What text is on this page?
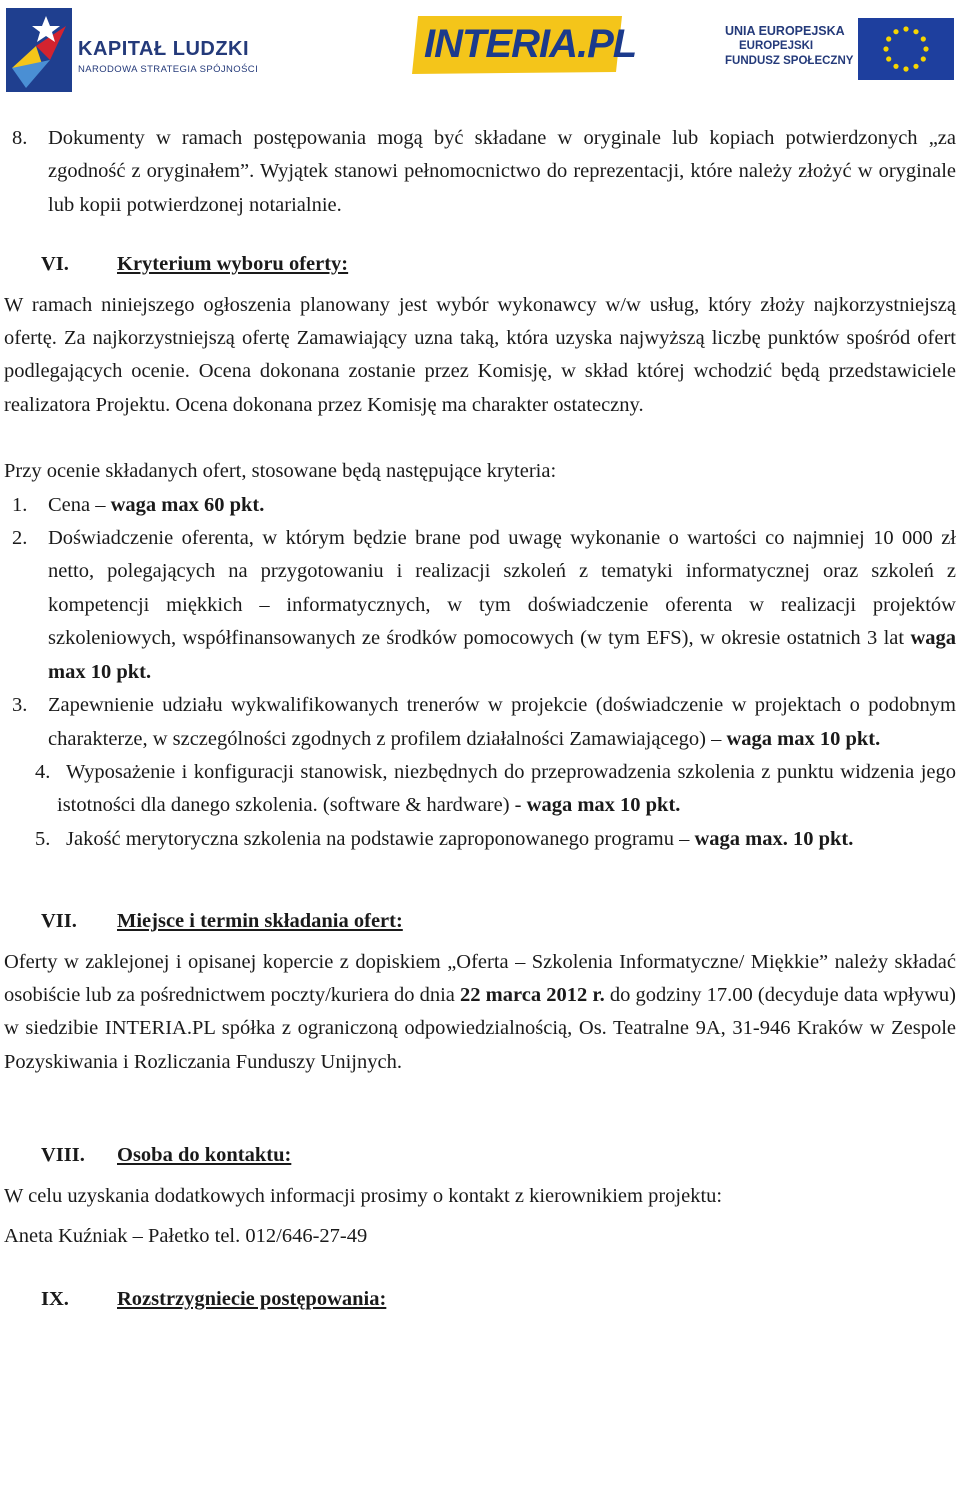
KAPITAŁ LUDZKI
NARODOWA STRATEGIA SPÓJNOŚCI
INTERIA.PL	UNIA EUROPEJSKA
EUROPEJSKI
FUNDUSZ SPOŁECZNY

8. Dokumenty w ramach postępowania mogą być składane w oryginale lub kopiach potwierdzonych „za zgodność z oryginałem”. Wyjątek stanowi pełnomocnictwo do reprezentacji, które należy złożyć w oryginale lub kopii potwierdzonej notarialnie.

VI. Kryterium wyboru oferty:

W ramach niniejszego ogłoszenia planowany jest wybór wykonawcy w/w usług, który złoży najkorzystniejszą ofertę. Za najkorzystniejszą ofertę Zamawiający uzna taką, która uzyska najwyższą liczbę punktów spośród ofert podlegających ocenie. Ocena dokonana zostanie przez Komisję, w skład której wchodzić będą przedstawiciele realizatora Projektu. Ocena dokonana przez Komisję ma charakter ostateczny.

Przy ocenie składanych ofert, stosowane będą następujące kryteria:

1. Cena – waga max 60 pkt.

2. Doświadczenie oferenta, w którym będzie brane pod uwagę wykonanie o wartości co najmniej 10 000 zł netto, polegających na przygotowaniu i realizacji szkoleń z tematyki informatycznej oraz szkoleń z kompetencji miękkich – informatycznych, w tym doświadczenie oferenta w realizacji projektów szkoleniowych, współfinansowanych ze środków pomocowych (w tym EFS), w okresie ostatnich 3 lat waga max 10 pkt.

3. Zapewnienie udziału wykwalifikowanych trenerów w projekcie (doświadczenie w projektach o podobnym charakterze, w szczególności zgodnych z profilem działalności Zamawiającego) – waga max 10 pkt.

4. Wyposażenie i konfiguracji stanowisk, niezbędnych do przeprowadzenia szkolenia z punktu widzenia jego istotności dla danego szkolenia. (software & hardware) - waga max 10 pkt.

5. Jakość merytoryczna szkolenia na podstawie zaproponowanego programu – waga max. 10 pkt.

VII. Miejsce i termin składania ofert:

Oferty w zaklejonej i opisanej kopercie z dopiskiem „Oferta – Szkolenia Informatyczne/ Miękkie” należy składać osobiście lub za pośrednictwem poczty/kuriera do dnia 22 marca 2012 r. do godziny 17.00 (decyduje data wpływu) w siedzibie INTERIA.PL spółka z ograniczoną odpowiedzialnością, Os. Teatralne 9A, 31-946 Kraków w Zespole Pozyskiwania i Rozliczania Funduszy Unijnych.

VIII. Osoba do kontaktu:

W celu uzyskania dodatkowych informacji prosimy o kontakt z kierownikiem projektu:

Aneta Kuźniak – Pałetko tel. 012/646-27-49

IX. Rozstrzygniecie postępowania:
